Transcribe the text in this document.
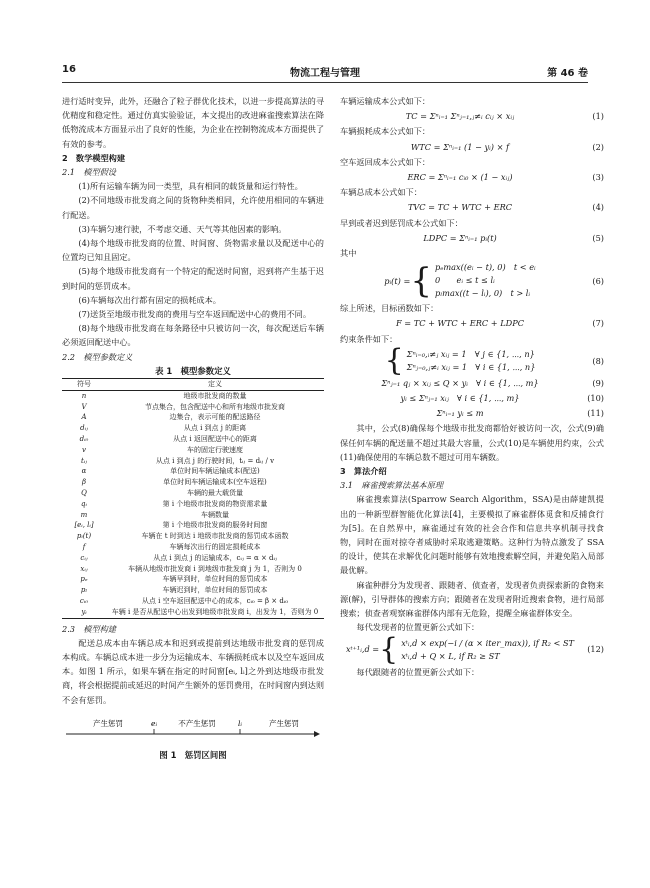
16	物流工程与管理	第 46 卷

进行适时变异，此外，还融合了粒子群优化技术，以进一步提高算法的寻优精度和稳定性。通过仿真实验验证，本文提出的改进麻雀搜索算法在降低物流成本方面显示出了良好的性能，为企业在控制物流成本方面提供了有效的参考。

2　数学模型构建

2.1　模型假设

(1)所有运输车辆为同一类型，具有相同的载货量和运行特性。

(2)不同地级市批发商之间的货物种类相同，允许使用相同的车辆进行配送。

(3)车辆匀速行驶，不考虑交通、天气等其他因素的影响。

(4)每个地级市批发商的位置、时间窗、货物需求量以及配送中心的位置均已知且固定。

(5)每个地级市批发商有一个特定的配送时间窗，迟到将产生基于迟到时间的惩罚成本。

(6)车辆每次出行都有固定的损耗成本。

(7)送货至地级市批发商的费用与空车返回配送中心的费用不同。

(8)每个地级市批发商在每条路径中只被访问一次，每次配送后车辆必须返回配送中心。

2.2　模型参数定义

表 1　模型参数定义

符号	定义
n	地级市批发商的数量
V	节点集合，包含配送中心和所有地级市批发商
A	边集合，表示可能的配送路径
dᵢⱼ	从点 i 到点 j 的距离
dᵢ₀	从点 i 返回配送中心的距离
v	车的固定行驶速度
tᵢⱼ	从点 i 到点 j 的行驶时间，tᵢⱼ = dᵢⱼ / v
α	单位时间车辆运输成本(配送)
β	单位时间车辆运输成本(空车返程)
Q	车辆的最大载货量
qᵢ	第 i 个地级市批发商的物资需求量
m	车辆数量
[eᵢ, lᵢ]	第 i 个地级市批发商的服务时间窗
pᵢ(t)	车辆在 t 时到达 i 地级市批发商的惩罚成本函数
f	车辆每次出行的固定损耗成本
cᵢⱼ	从点 i 到点 j 的运输成本，cᵢⱼ = α × dᵢⱼ
xᵢⱼ	车辆从地级市批发商 i 到地级市批发商 j 为 1，否则为 0
pₑ	车辆早到时，单位时间的惩罚成本
pₗ	车辆迟到时，单位时间的惩罚成本
cᵢ₀	从点 i 空车返回配送中心的成本，cᵢ₀ = β × dᵢ₀
yᵢ	车辆 i 是否从配送中心出发到地级市批发商 i，出发为 1，否则为 0

2.3　模型构建

配送总成本由车辆总成本和迟到或提前到达地级市批发商的惩罚成本构成。车辆总成本进一步分为运输成本、车辆损耗成本以及空车返回成本。如图 1 所示，如果车辆在指定的时间窗[eᵢ, lᵢ]之外到达地级市批发商，将会根据提前或延迟的时间产生额外的惩罚费用，在时间窗内到达则不会有惩罚。

产生惩罚	eᵢ	不产生惩罚	lᵢ	产生惩罚

图 1　惩罚区间图

车辆运输成本公式如下：

TC = Σⁿᵢ₌₁ Σⁿⱼ₌₁,ⱼ≠ᵢ cᵢⱼ × xᵢⱼ	(1)

车辆损耗成本公式如下：

WTC = Σⁿᵢ₌₁ (1 − yᵢ) × f	(2)

空车返回成本公式如下：

ERC = Σⁿᵢ₌₁ cᵢ₀ × (1 − xᵢⱼ)	(3)

车辆总成本公式如下：

TVC = TC + WTC + ERC	(4)

早到或者迟到惩罚成本公式如下：

LDPC = Σⁿᵢ₌₁ pᵢ(t)	(5)

其中

pᵢ(t) = { pₑmax((eᵢ − t), 0)　t < eᵢ
0　　eᵢ ≤ t ≤ lᵢ
pₗmax((t − lᵢ), 0)　t > lᵢ
(6)

综上所述，目标函数如下：

F = TC + WTC + ERC + LDPC	(7)

约束条件如下：

{ Σⁿᵢ₌₀,ᵢ≠ⱼ xᵢⱼ = 1　∀ j ∈ {1, ⋯, n}
Σⁿⱼ₌₀,ⱼ≠ᵢ xᵢⱼ = 1　∀ i ∈ {1, ⋯, n}
(8)
Σⁿⱼ₌₁ qⱼ × xᵢⱼ ≤ Q × yᵢ　∀ i ∈ {1, ⋯, m}	(9)
yᵢ ≤ Σⁿⱼ₌₁ xᵢⱼ　∀ i ∈ {1, ⋯, m}	(10)
Σⁿᵢ₌₁ yᵢ ≤ m	(11)

其中，公式(8)确保每个地级市批发商都恰好被访问一次，公式(9)确保任何车辆的配送量不超过其最大容量，公式(10)是车辆使用约束，公式(11)确保使用的车辆总数不超过可用车辆数。

3　算法介绍

3.1　麻雀搜索算法基本原理

麻雀搜索算法(Sparrow Search Algorithm，SSA)是由薛建凯提出的一种新型群智能优化算法[4]，主要模拟了麻雀群体觅食和反捕食行为[5]。在自然界中，麻雀通过有效的社会合作和信息共享机制寻找食物，同时在面对掠夺者威胁时采取逃避策略。这种行为特点激发了 SSA 的设计，使其在求解优化问题时能够有效地搜索解空间，并避免陷入局部最优解。

麻雀种群分为发现者、跟随者、侦查者，发现者负责探索新的食物来源(解)，引导群体的搜索方向；跟随者在发现者附近搜索食物，进行局部搜索；侦查者观察麻雀群体内部有无危险，提醒全麻雀群体安全。

每代发现者的位置更新公式如下：

xᵗ⁺¹ᵢ,d = { xᵗᵢ,d × exp(−i / (α × iter_max)), if R₂ < ST
xᵗᵢ,d + Q × L, if R₂ ≥ ST
(12)

每代跟随者的位置更新公式如下：
